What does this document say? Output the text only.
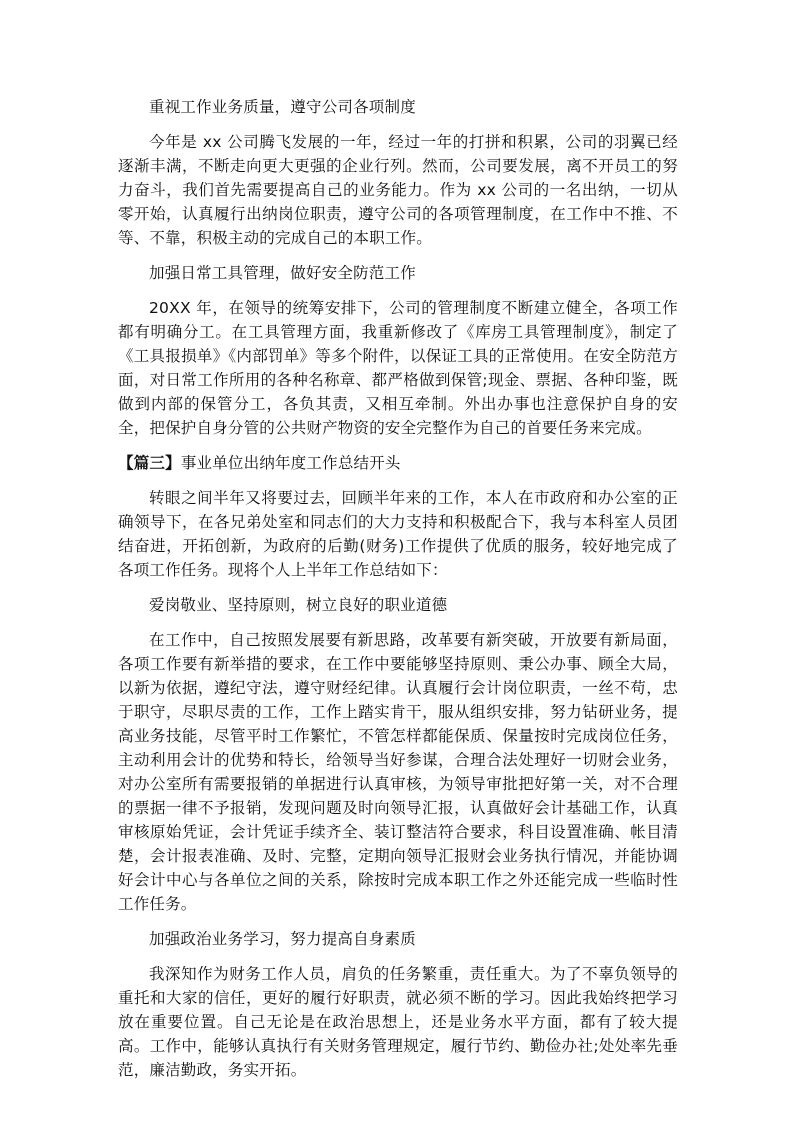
重视工作业务质量，遵守公司各项制度

今年是 xx 公司腾飞发展的一年，经过一年的打拼和积累，公司的羽翼已经逐渐丰满，不断走向更大更强的企业行列。然而，公司要发展，离不开员工的努力奋斗，我们首先需要提高自己的业务能力。作为 xx 公司的一名出纳，一切从零开始，认真履行出纳岗位职责，遵守公司的各项管理制度，在工作中不推、不等、不靠，积极主动的完成自己的本职工作。

加强日常工具管理，做好安全防范工作

20XX 年，在领导的统筹安排下，公司的管理制度不断建立健全，各项工作都有明确分工。在工具管理方面，我重新修改了《库房工具管理制度》，制定了《工具报损单》《内部罚单》等多个附件，以保证工具的正常使用。在安全防范方面，对日常工作所用的各种名称章、都严格做到保管;现金、票据、各种印鉴，既做到内部的保管分工，各负其责，又相互牵制。外出办事也注意保护自身的安全，把保护自身分管的公共财产物资的安全完整作为自己的首要任务来完成。

【篇三】事业单位出纳年度工作总结开头

转眼之间半年又将要过去，回顾半年来的工作，本人在市政府和办公室的正确领导下，在各兄弟处室和同志们的大力支持和积极配合下，我与本科室人员团结奋进，开拓创新，为政府的后勤(财务)工作提供了优质的服务，较好地完成了各项工作任务。现将个人上半年工作总结如下：

爱岗敬业、坚持原则，树立良好的职业道德

在工作中，自己按照发展要有新思路，改革要有新突破，开放要有新局面，各项工作要有新举措的要求，在工作中要能够坚持原则、秉公办事、顾全大局，以新为依据，遵纪守法，遵守财经纪律。认真履行会计岗位职责，一丝不苟，忠于职守，尽职尽责的工作，工作上踏实肯干，服从组织安排，努力钻研业务，提高业务技能，尽管平时工作繁忙，不管怎样都能保质、保量按时完成岗位任务，主动利用会计的优势和特长，给领导当好参谋，合理合法处理好一切财会业务，对办公室所有需要报销的单据进行认真审核，为领导审批把好第一关，对不合理的票据一律不予报销，发现问题及时向领导汇报，认真做好会计基础工作，认真审核原始凭证，会计凭证手续齐全、装订整洁符合要求，科目设置准确、帐目清楚，会计报表准确、及时、完整，定期向领导汇报财会业务执行情况，并能协调好会计中心与各单位之间的关系，除按时完成本职工作之外还能完成一些临时性工作任务。

加强政治业务学习，努力提高自身素质

我深知作为财务工作人员，肩负的任务繁重，责任重大。为了不辜负领导的重托和大家的信任，更好的履行好职责，就必须不断的学习。因此我始终把学习放在重要位置。自己无论是在政治思想上，还是业务水平方面，都有了较大提高。工作中，能够认真执行有关财务管理规定，履行节约、勤俭办社;处处率先垂范，廉洁勤政，务实开拓。
